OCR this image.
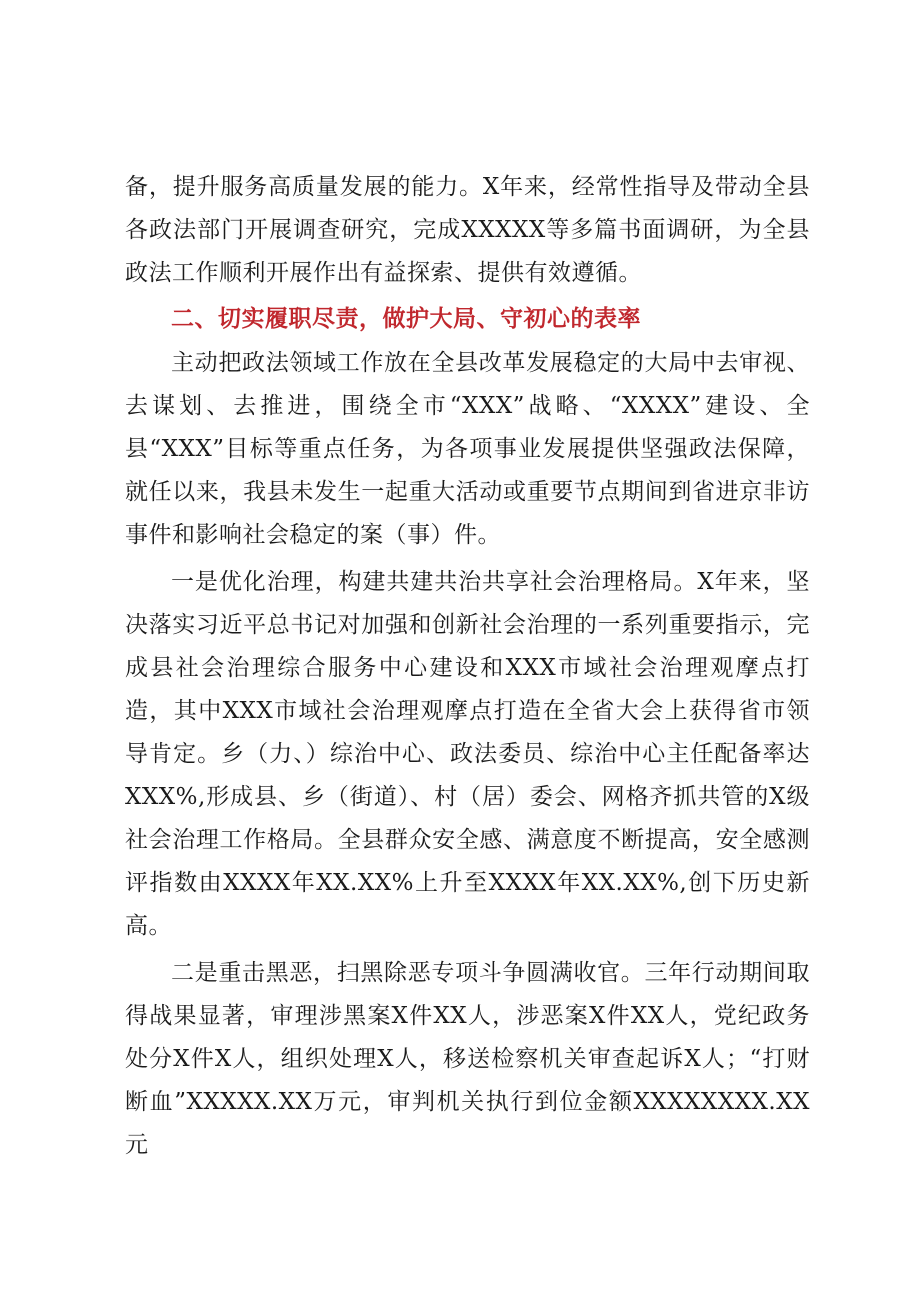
备，提升服务高质量发展的能力。X年来，经常性指导及带动全县各政法部门开展调查研究，完成XXXXX等多篇书面调研，为全县政法工作顺利开展作出有益探索、提供有效遵循。

二、切实履职尽责，做护大局、守初心的表率

主动把政法领域工作放在全县改革发展稳定的大局中去审视、去谋划、去推进，围绕全市“XXX”战略、“XXXX”建设、全县“XXX”目标等重点任务，为各项事业发展提供坚强政法保障，就任以来，我县未发生一起重大活动或重要节点期间到省进京非访事件和影响社会稳定的案（事）件。

一是优化治理，构建共建共治共享社会治理格局。X年来，坚决落实习近平总书记对加强和创新社会治理的一系列重要指示，完成县社会治理综合服务中心建设和XXX市域社会治理观摩点打造，其中XXX市域社会治理观摩点打造在全省大会上获得省市领导肯定。乡（力、）综治中心、政法委员、综治中心主任配备率达XXX%,形成县、乡（街道）、村（居）委会、网格齐抓共管的X级社会治理工作格局。全县群众安全感、满意度不断提高，安全感测评指数由XXXX年XX.XX%上升至XXXX年XX.XX%,创下历史新高。

二是重击黑恶，扫黑除恶专项斗争圆满收官。三年行动期间取得战果显著，审理涉黑案X件XX人，涉恶案X件XX人，党纪政务处分X件X人，组织处理X人，移送检察机关审查起诉X人；“打财断血”XXXXX.XX万元，审判机关执行到位金额XXXXXXXX.XX元
